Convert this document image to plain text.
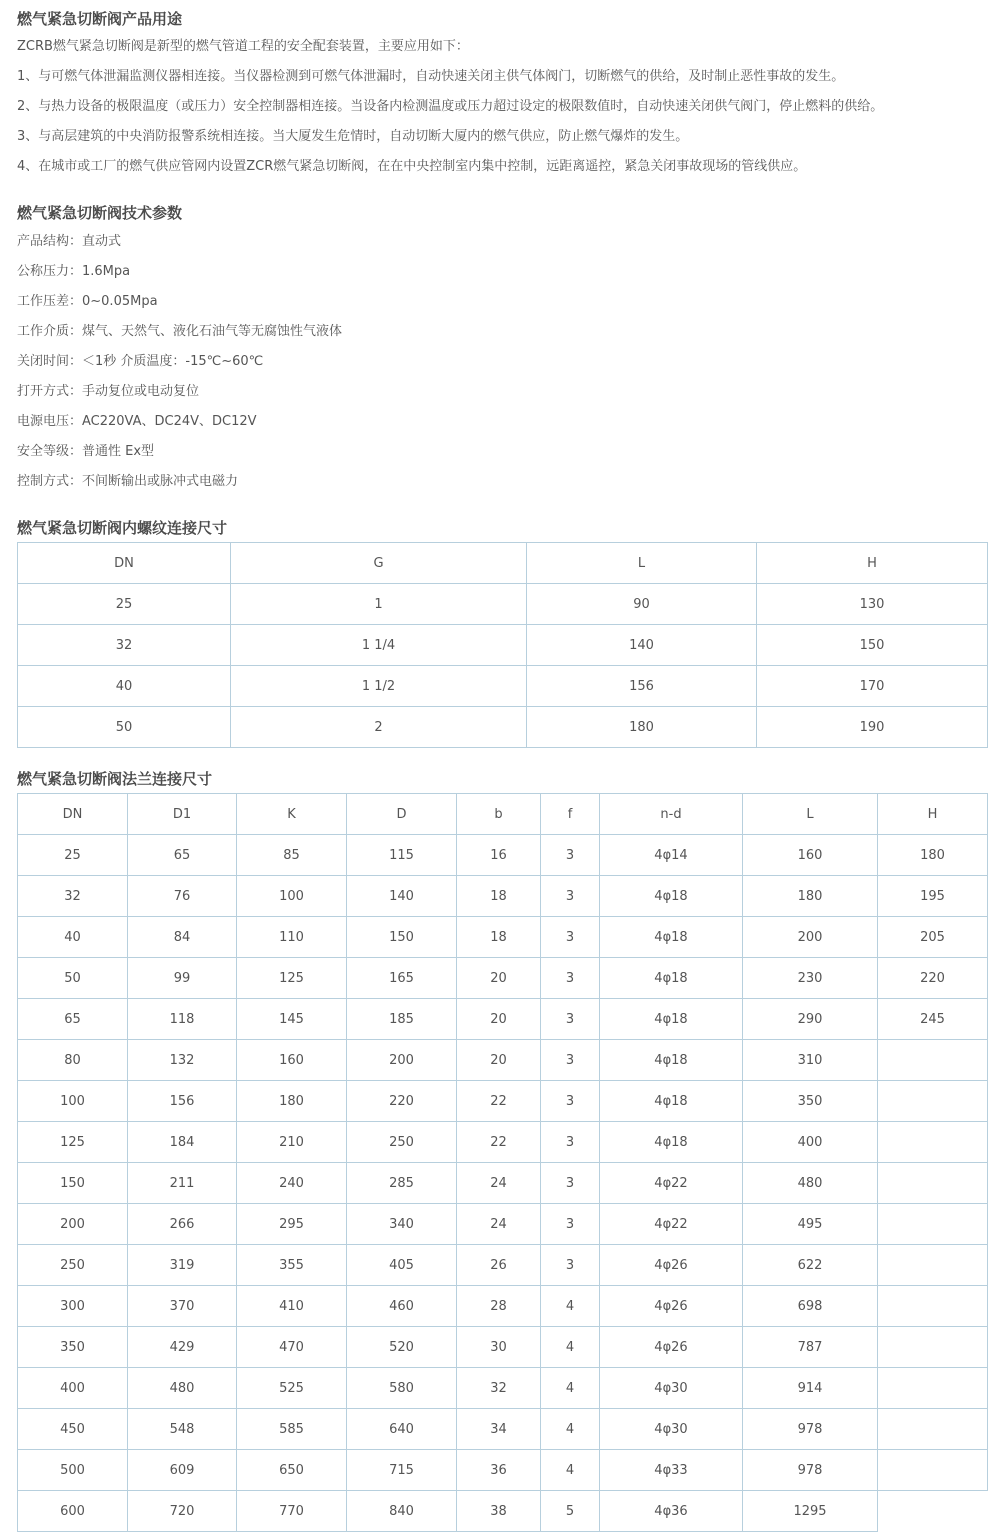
燃气紧急切断阀产品用途

ZCRB燃气紧急切断阀是新型的燃气管道工程的安全配套装置，主要应用如下：

1、与可燃气体泄漏监测仪器相连接。当仪器检测到可燃气体泄漏时，自动快速关闭主供气体阀门，切断燃气的供给，及时制止恶性事故的发生。

2、与热力设备的极限温度（或压力）安全控制器相连接。当设备内检测温度或压力超过设定的极限数值时，自动快速关闭供气阀门，停止燃料的供给。

3、与高层建筑的中央消防报警系统相连接。当大厦发生危情时，自动切断大厦内的燃气供应，防止燃气爆炸的发生。

4、在城市或工厂的燃气供应管网内设置ZCR燃气紧急切断阀，在在中央控制室内集中控制，远距离遥控，紧急关闭事故现场的管线供应。

燃气紧急切断阀技术参数

产品结构：直动式

公称压力：1.6Mpa

工作压差：0~0.05Mpa

工作介质：煤气、天然气、液化石油气等无腐蚀性气液体

关闭时间：＜1秒 介质温度：-15℃~60℃

打开方式：手动复位或电动复位

电源电压：AC220VA、DC24V、DC12V

安全等级：普通性 Ex型

控制方式：不间断输出或脉冲式电磁力

燃气紧急切断阀内螺纹连接尺寸
DN	G	L	H
25	1	90	130
32	1 1/4	140	150
40	1 1/2	156	170
50	2	180	190
燃气紧急切断阀法兰连接尺寸
DN	D1	K	D	b	f	n-d	L	H
25	65	85	115	16	3	4φ14	160	180
32	76	100	140	18	3	4φ18	180	195
40	84	110	150	18	3	4φ18	200	205
50	99	125	165	20	3	4φ18	230	220
65	118	145	185	20	3	4φ18	290	245
80	132	160	200	20	3	4φ18	310	
100	156	180	220	22	3	4φ18	350	
125	184	210	250	22	3	4φ18	400	
150	211	240	285	24	3	4φ22	480	
200	266	295	340	24	3	4φ22	495	
250	319	355	405	26	3	4φ26	622	
300	370	410	460	28	4	4φ26	698	
350	429	470	520	30	4	4φ26	787	
400	480	525	580	32	4	4φ30	914	
450	548	585	640	34	4	4φ30	978	
500	609	650	715	36	4	4φ33	978	
600	720	770	840	38	5	4φ36	1295	
